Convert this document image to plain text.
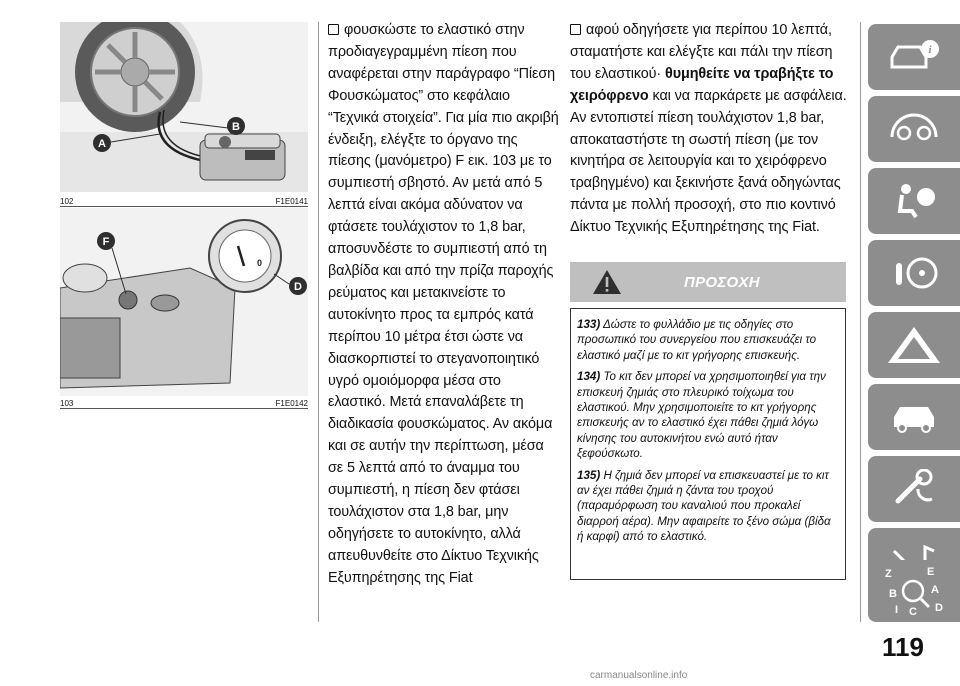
A
B
102	F1E0141
0
F
D
103	F1E0142
φουσκώστε το ελαστικό στην προδιαγεγραμμένη πίεση που αναφέρεται στην παράγραφο “Πίεση Φουσκώματος” στο κεφάλαιο “Τεχνικά στοιχεία”. Για μία πιο ακριβή ένδειξη, ελέγξτε το όργανο της πίεσης (μανόμετρο) F εικ. 103 με το συμπιεστή σβηστό. Αν μετά από 5 λεπτά είναι ακόμα αδύνατον να φτάσετε τουλάχιστον το 1,8 bar, αποσυνδέστε το συμπιεστή από τη βαλβίδα και από την πρίζα παροχής ρεύματος και μετακινείστε το αυτοκίνητο προς τα εμπρός κατά περίπου 10 μέτρα έτσι ώστε να διασκορπιστεί το στεγανοποιητικό υγρό ομοιόμορφα μέσα στο ελαστικό. Μετά επαναλάβετε τη διαδικασία φουσκώματος. Αν ακόμα και σε αυτήν την περίπτωση, μέσα σε 5 λεπτά από το άναμμα του συμπιεστή, η πίεση δεν φτάσει τουλάχιστον στα 1,8 bar, μην οδηγήσετε το αυτοκίνητο, αλλά απευθυνθείτε στο Δίκτυο Τεχνικής Εξυπηρέτησης της Fiat
αφού οδηγήσετε για περίπου 10 λεπτά, σταματήστε και ελέγξτε και πάλι την πίεση του ελαστικού· θυμηθείτε να τραβήξτε το χειρόφρενο και να παρκάρετε με ασφάλεια. Αν εντοπιστεί πίεση τουλάχιστον 1,8 bar, αποκαταστήστε τη σωστή πίεση (με τον κινητήρα σε λειτουργία και το χειρόφρενο τραβηγμένο) και ξεκινήστε ξανά οδηγώντας πάντα με πολλή προσοχή, στο πιο κοντινό Δίκτυο Τεχνικής Εξυπηρέτησης της Fiat.
ΠΡΟΣΟΧΗ

133) Δώστε το φυλλάδιο με τις οδηγίες στο προσωπικό του συνεργείου που επισκευάζει το ελαστικό μαζί με το κιτ γρήγορης επισκευής.

134) Το κιτ δεν μπορεί να χρησιμοποιηθεί για την επισκευή ζημιάς στο πλευρικό τοίχωμα του ελαστικού. Μην χρησιμοποιείτε το κιτ γρήγορης επισκευής αν το ελαστικό έχει πάθει ζημιά λόγω κίνησης του αυτοκινήτου ενώ αυτό ήταν ξεφούσκωτο.

135) Η ζημιά δεν μπορεί να επισκευαστεί με το κιτ αν έχει πάθει ζημιά η ζάντα του τροχού (παραμόρφωση του καναλιού που προκαλεί διαρροή αέρα). Μην αφαιρείτε το ξένο σώμα (βίδα ή καρφί) από το ελαστικό.

i
Z	E
B	A
I C D
119
carmanualsonline.info
